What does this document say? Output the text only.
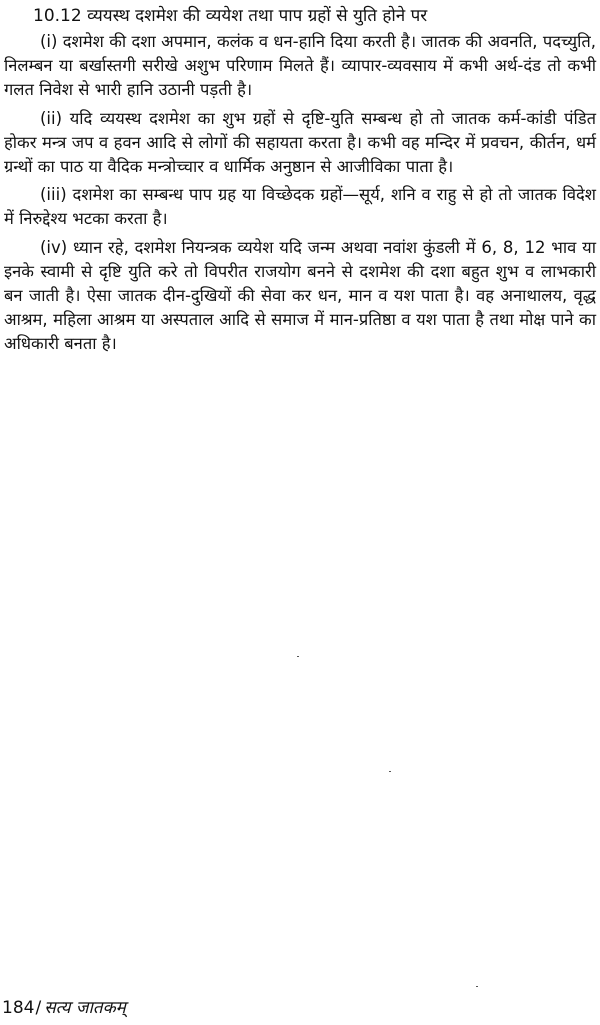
10.12 व्ययस्थ दशमेश की व्ययेश तथा पाप ग्रहों से युति होने पर

(i) दशमेश की दशा अपमान, कलंक व धन-हानि दिया करती है। जातक की अवनति, पदच्युति, निलम्बन या बर्खास्तगी सरीखे अशुभ परिणाम मिलते हैं। व्यापार-व्यवसाय में कभी अर्थ-दंड तो कभी गलत निवेश से भारी हानि उठानी पड़ती है।

(ii) यदि व्ययस्थ दशमेश का शुभ ग्रहों से दृष्टि-युति सम्बन्ध हो तो जातक कर्म-कांडी पंडित होकर मन्त्र जप व हवन आदि से लोगों की सहायता करता है। कभी वह मन्दिर में प्रवचन, कीर्तन, धर्म ग्रन्थों का पाठ या वैदिक मन्त्रोच्चार व धार्मिक अनुष्ठान से आजीविका पाता है।

(iii) दशमेश का सम्बन्ध पाप ग्रह या विच्छेदक ग्रहों—सूर्य, शनि व राहु से हो तो जातक विदेश में निरुद्देश्य भटका करता है।

(iv) ध्यान रहे, दशमेश नियन्त्रक व्ययेश यदि जन्म अथवा नवांश कुंडली में 6, 8, 12 भाव या इनके स्वामी से दृष्टि युति करे तो विपरीत राजयोग बनने से दशमेश की दशा बहुत शुभ व लाभकारी बन जाती है। ऐसा जातक दीन-दुखियों की सेवा कर धन, मान व यश पाता है। वह अनाथालय, वृद्ध आश्रम, महिला आश्रम या अस्पताल आदि से समाज में मान-प्रतिष्ठा व यश पाता है तथा मोक्ष पाने का अधिकारी बनता है।

184/ सत्य जातकम्
